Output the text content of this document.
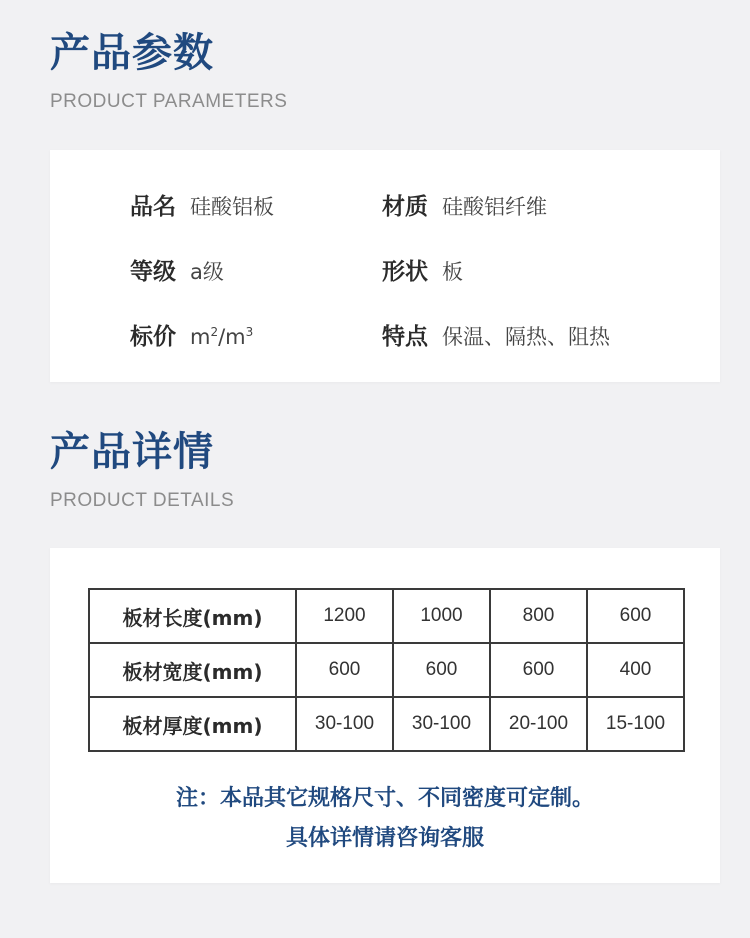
产品参数

PRODUCT PARAMETERS

品名 硅酸铝板	材质 硅酸铝纤维
等级 a级	形状 板
标价 $m^2/m^3$	特点 保温、隔热、阻热
产品详情

PRODUCT DETAILS

板材长度(mm)	1200	1000	800	600
板材宽度(mm)	600	600	600	400
板材厚度(mm)	30-100	30-100	20-100	15-100
注：本品其它规格尺寸、不同密度可定制。
具体详情请咨询客服
